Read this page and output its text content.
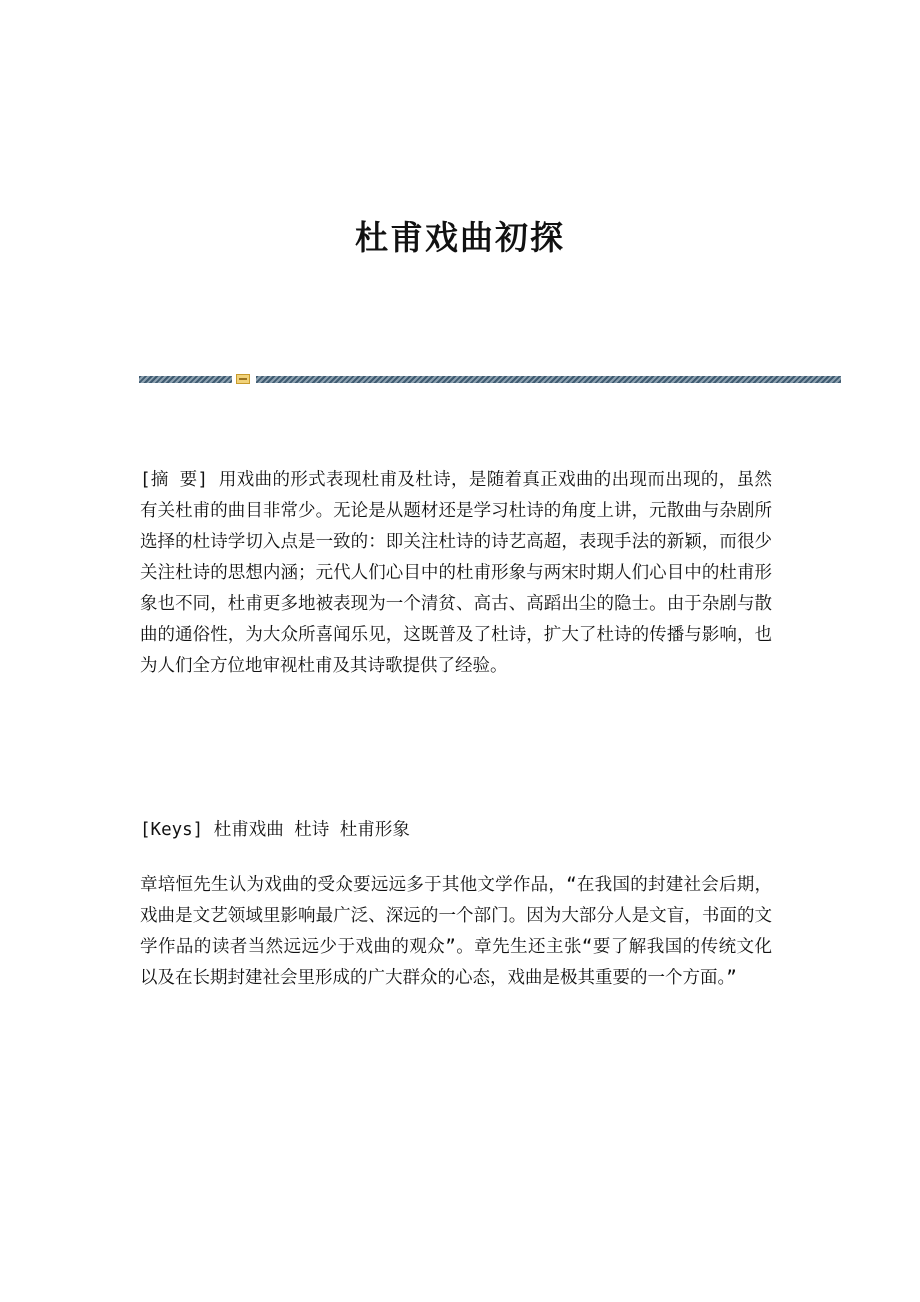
杜甫戏曲初探

[摘 要] 用戏曲的形式表现杜甫及杜诗，是随着真正戏曲的出现而出现的，虽然有关杜甫的曲目非常少。无论是从题材还是学习杜诗的角度上讲，元散曲与杂剧所选择的杜诗学切入点是一致的：即关注杜诗的诗艺高超，表现手法的新颖，而很少关注杜诗的思想内涵；元代人们心目中的杜甫形象与两宋时期人们心目中的杜甫形象也不同，杜甫更多地被表现为一个清贫、高古、高蹈出尘的隐士。由于杂剧与散曲的通俗性，为大众所喜闻乐见，这既普及了杜诗，扩大了杜诗的传播与影响，也为人们全方位地审视杜甫及其诗歌提供了经验。

[Keys] 杜甫戏曲 杜诗 杜甫形象

章培恒先生认为戏曲的受众要远远多于其他文学作品，“在我国的封建社会后期，戏曲是文艺领域里影响最广泛、深远的一个部门。因为大部分人是文盲，书面的文学作品的读者当然远远少于戏曲的观众”。章先生还主张“要了解我国的传统文化以及在长期封建社会里形成的广大群众的心态，戏曲是极其重要的一个方面。”
